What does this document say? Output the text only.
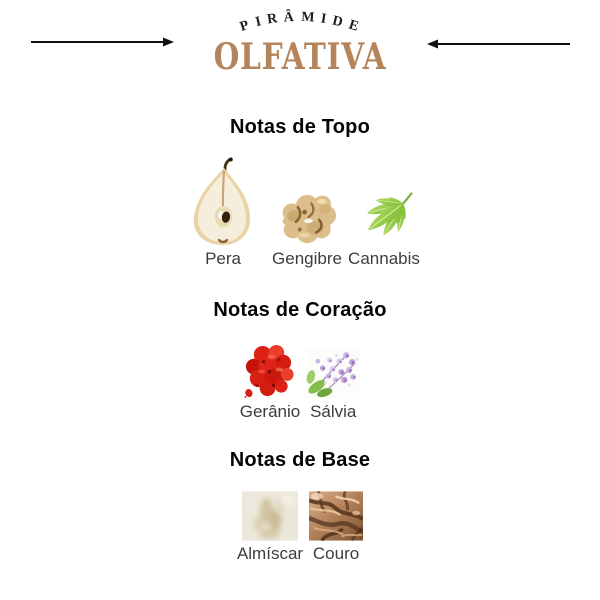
P I R Â M I D E
OLFATIVA
Notas de Topo
Pera Gengibre Cannabis
Notas de Coração
Gerânio Sálvia
Notas de Base
Almíscar Couro
